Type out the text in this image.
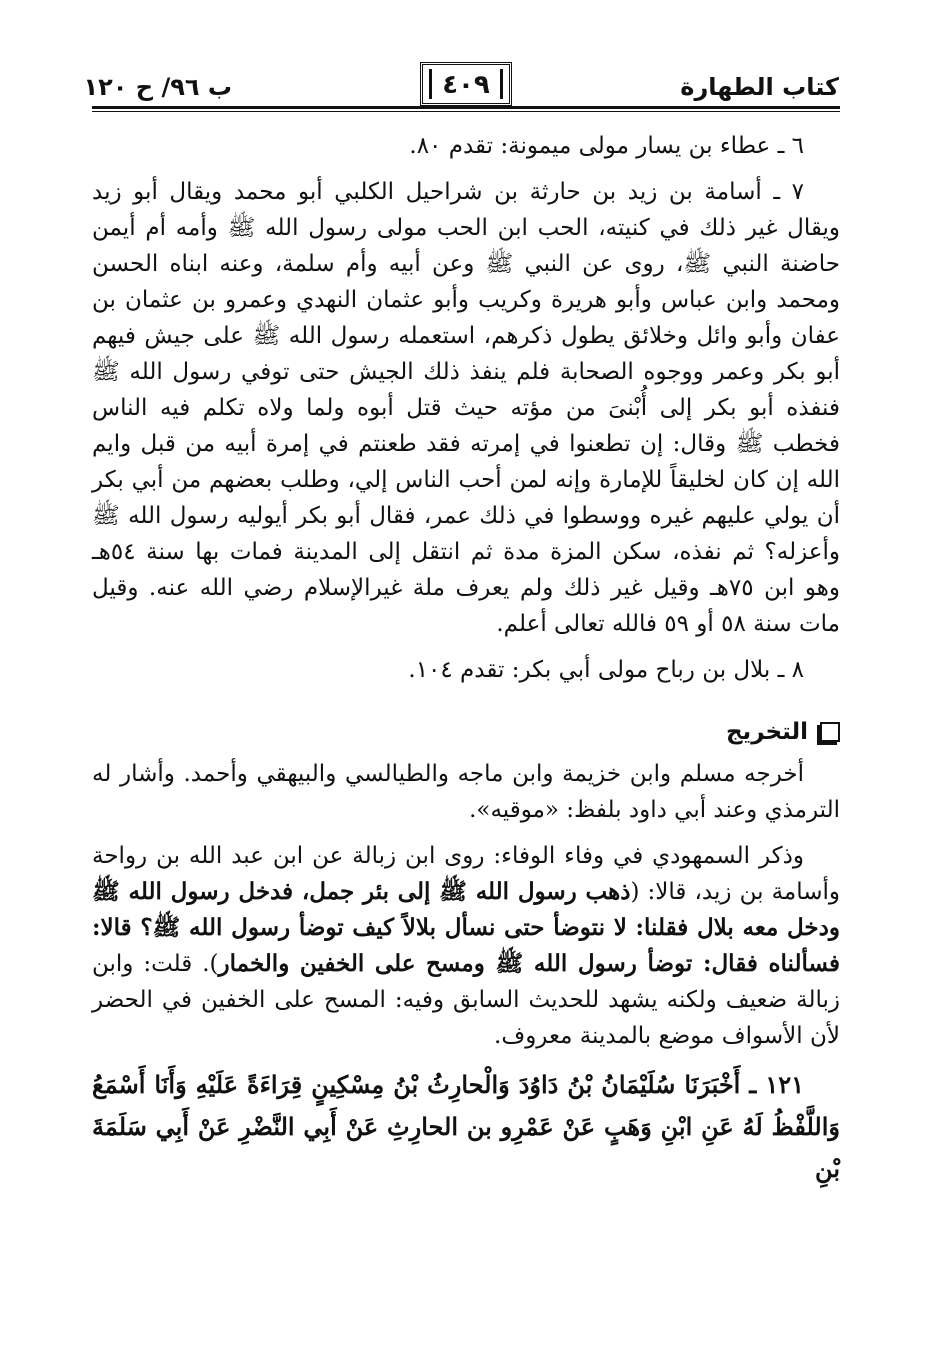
ب ٩٦/ ح ١٢٠	٤٠٩	كتاب الطهارة

٦ ـ عطاء بن يسار مولى ميمونة: تقدم ٨٠.

٧ ـ أسامة بن زيد بن حارثة بن شراحيل الكلبي أبو محمد ويقال أبو زيد ويقال غير ذلك في كنيته، الحب ابن الحب مولى رسول الله ﷺ وأمه أم أيمن حاضنة النبي ﷺ، روى عن النبي ﷺ وعن أبيه وأم سلمة، وعنه ابناه الحسن ومحمد وابن عباس وأبو هريرة وكريب وأبو عثمان النهدي وعمرو بن عثمان بن عفان وأبو وائل وخلائق يطول ذكرهم، استعمله رسول الله ﷺ على جيش فيهم أبو بكر وعمر ووجوه الصحابة فلم ينفذ ذلك الجيش حتى توفي رسول الله ﷺ فنفذه أبو بكر إلى أُبْنىَ من مؤته حيث قتل أبوه ولما ولاه تكلم فيه الناس فخطب ﷺ وقال: إن تطعنوا في إمرته فقد طعنتم في إمرة أبيه من قبل وايم الله إن كان لخليقاً للإمارة وإنه لمن أحب الناس إلي، وطلب بعضهم من أبي بكر أن يولي عليهم غيره ووسطوا في ذلك عمر، فقال أبو بكر أيوليه رسول الله ﷺ وأعزله؟ ثم نفذه، سكن المزة مدة ثم انتقل إلى المدينة فمات بها سنة ٥٤هـ وهو ابن ٧٥هـ وقيل غير ذلك ولم يعرف ملة غيرالإسلام رضي الله عنه. وقيل مات سنة ٥٨ أو ٥٩ فالله تعالى أعلم.

٨ ـ بلال بن رباح مولى أبي بكر: تقدم ١٠٤.

التخريج

أخرجه مسلم وابن خزيمة وابن ماجه والطيالسي والبيهقي وأحمد. وأشار له الترمذي وعند أبي داود بلفظ: «موقيه».

وذكر السمهودي في وفاء الوفاء: روى ابن زبالة عن ابن عبد الله بن رواحة وأسامة بن زيد، قالا: (ذهب رسول الله ﷺ إلى بئر جمل، فدخل رسول الله ﷺ ودخل معه بلال فقلنا: لا نتوضأ حتى نسأل بلالاً كيف توضأ رسول الله ﷺ؟ قالا: فسألناه فقال: توضأ رسول الله ﷺ ومسح على الخفين والخمار). قلت: وابن زبالة ضعيف ولكنه يشهد للحديث السابق وفيه: المسح على الخفين في الحضر لأن الأسواف موضع بالمدينة معروف.

١٢١ ـ أَخْبَرَنَا سُلَيْمَانُ بْنُ دَاوُدَ وَالْحارِثُ بْنُ مِسْكِينٍ قِرَاءَةً عَلَيْهِ وَأَنَا أَسْمَعُ وَاللَّفْظُ لَهُ عَنِ ابْنِ وَهَبٍ عَنْ عَمْرِو بن الحارِثِ عَنْ أَبِي النَّضْرِ عَنْ أَبِي سَلَمَةَ بْنِ
